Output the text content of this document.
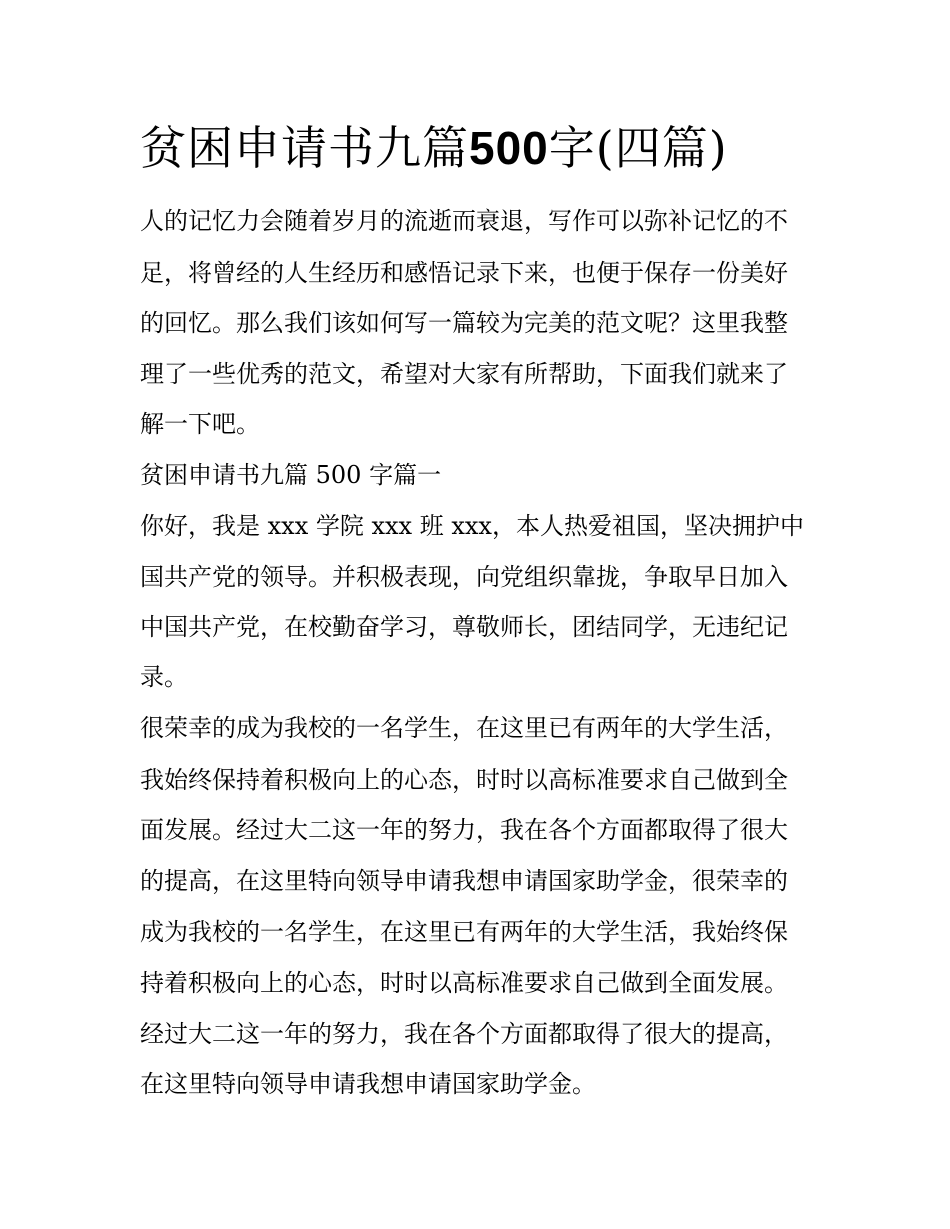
贫困申请书九篇500字(四篇)

人的记忆力会随着岁月的流逝而衰退，写作可以弥补记忆的不

足，将曾经的人生经历和感悟记录下来，也便于保存一份美好

的回忆。那么我们该如何写一篇较为完美的范文呢？这里我整

理了一些优秀的范文，希望对大家有所帮助，下面我们就来了

解一下吧。

贫困申请书九篇 500 字篇一

你好，我是 xxx 学院 xxx 班 xxx，本人热爱祖国，坚决拥护中

国共产党的领导。并积极表现，向党组织靠拢，争取早日加入

中国共产党，在校勤奋学习，尊敬师长，团结同学，无违纪记

录。

很荣幸的成为我校的一名学生，在这里已有两年的大学生活，

我始终保持着积极向上的心态，时时以高标准要求自己做到全

面发展。经过大二这一年的努力，我在各个方面都取得了很大

的提高，在这里特向领导申请我想申请国家助学金，很荣幸的

成为我校的一名学生，在这里已有两年的大学生活，我始终保

持着积极向上的心态，时时以高标准要求自己做到全面发展。

经过大二这一年的努力，我在各个方面都取得了很大的提高，

在这里特向领导申请我想申请国家助学金。
